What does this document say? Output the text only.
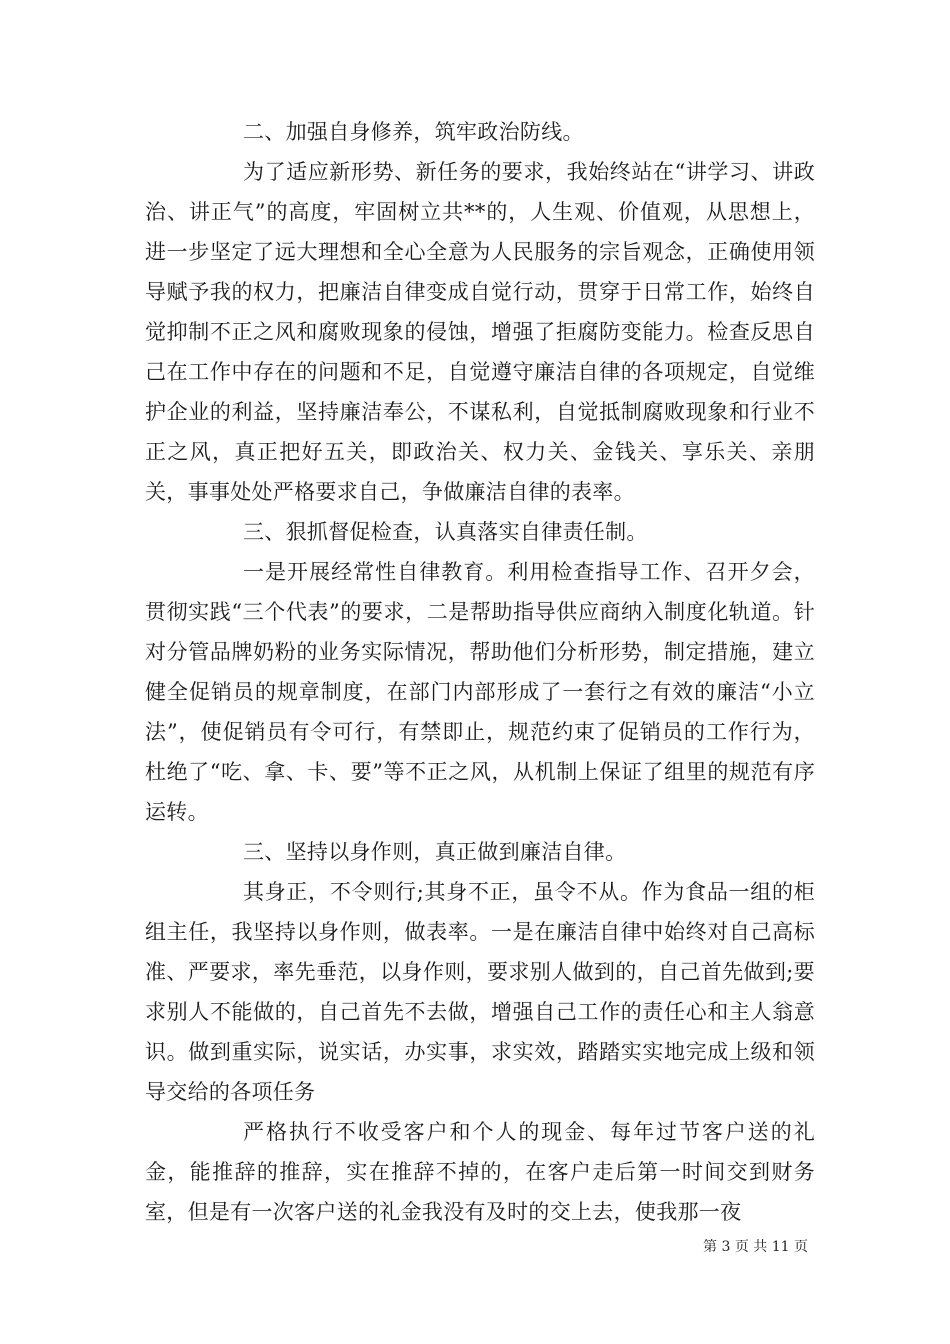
二、加强自身修养，筑牢政治防线。

为了适应新形势、新任务的要求，我始终站在“讲学习、讲政治、讲正气”的高度，牢固树立共**的，人生观、价值观，从思想上，进一步坚定了远大理想和全心全意为人民服务的宗旨观念，正确使用领导赋予我的权力，把廉洁自律变成自觉行动，贯穿于日常工作，始终自觉抑制不正之风和腐败现象的侵蚀，增强了拒腐防变能力。检查反思自己在工作中存在的问题和不足，自觉遵守廉洁自律的各项规定，自觉维护企业的利益，坚持廉洁奉公，不谋私利，自觉抵制腐败现象和行业不正之风，真正把好五关，即政治关、权力关、金钱关、享乐关、亲朋关，事事处处严格要求自己，争做廉洁自律的表率。

三、狠抓督促检查，认真落实自律责任制。

一是开展经常性自律教育。利用检查指导工作、召开夕会，贯彻实践“三个代表”的要求，二是帮助指导供应商纳入制度化轨道。针对分管品牌奶粉的业务实际情况，帮助他们分析形势，制定措施，建立健全促销员的规章制度，在部门内部形成了一套行之有效的廉洁“小立法”，使促销员有令可行，有禁即止，规范约束了促销员的工作行为，杜绝了“吃、拿、卡、要”等不正之风，从机制上保证了组里的规范有序运转。

三、坚持以身作则，真正做到廉洁自律。

其身正，不令则行;其身不正，虽令不从。作为食品一组的柜组主任，我坚持以身作则，做表率。一是在廉洁自律中始终对自己高标准、严要求，率先垂范，以身作则，要求别人做到的，自己首先做到;要求别人不能做的，自己首先不去做，增强自己工作的责任心和主人翁意识。做到重实际，说实话，办实事，求实效，踏踏实实地完成上级和领导交给的各项任务

严格执行不收受客户和个人的现金、每年过节客户送的礼金，能推辞的推辞，实在推辞不掉的，在客户走后第一时间交到财务室，但是有一次客户送的礼金我没有及时的交上去，使我那一夜

第 3 页 共 11 页
